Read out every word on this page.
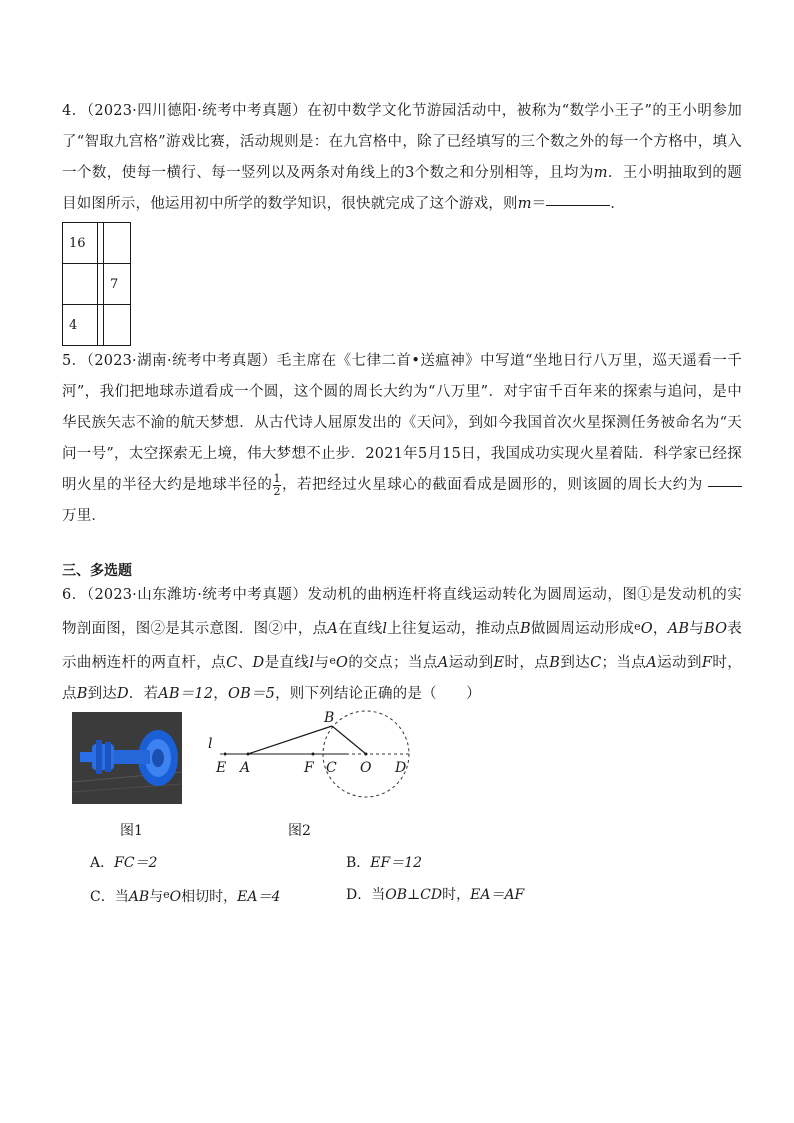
4．（2023·四川德阳·统考中考真题）在初中数学文化节游园活动中，被称为“数学小王子”的王小明参加了“智取九宫格”游戏比赛，活动规则是：在九宫格中，除了已经填写的三个数之外的每一个方格中，填入一个数，使每一横行、每一竖列以及两条对角线上的3个数之和分别相等，且均为m．王小明抽取到的题目如图所示，他运用初中所学的数学知识，很快就完成了这个游戏，则m＝	．
16		
		7
4		
5．（2023·湖南·统考中考真题）毛主席在《七律二首•送瘟神》中写道“坐地日行八万里，巡天遥看一千河”，我们把地球赤道看成一个圆，这个圆的周长大约为“八万里”．对宇宙千百年来的探索与追问，是中华民族矢志不渝的航天梦想．从古代诗人屈原发出的《天问》，到如今我国首次火星探测任务被命名为“天问一号”，太空探索无上境，伟大梦想不止步．2021年5月15日，我国成功实现火星着陆．科学家已经探明火星的半径大约是地球半径的 $\frac{1}{2}$ ，若把经过火星球心的截面看成是圆形的，则该圆的周长大约为 万里．
三、多选题
6．（2023·山东潍坊·统考中考真题）发动机的曲柄连杆将直线运动转化为圆周运动，图①是发动机的实物剖面图，图②是其示意图．图②中，点A在直线l上往复运动，推动点B做圆周运动形成eO，AB与BO表示曲柄连杆的两直杆，点C、D是直线l与eO的交点；当点A运动到E时，点B到达C；当点A运动到F时，点B到达D．若AB＝12，OB＝5，则下列结论正确的是（　　）
l
E A	F C O D
B
图1	图2
A．FC＝2	B．EF＝12
C．当AB与eO相切时，EA＝4	D．当OB⊥CD时，EA＝AF
